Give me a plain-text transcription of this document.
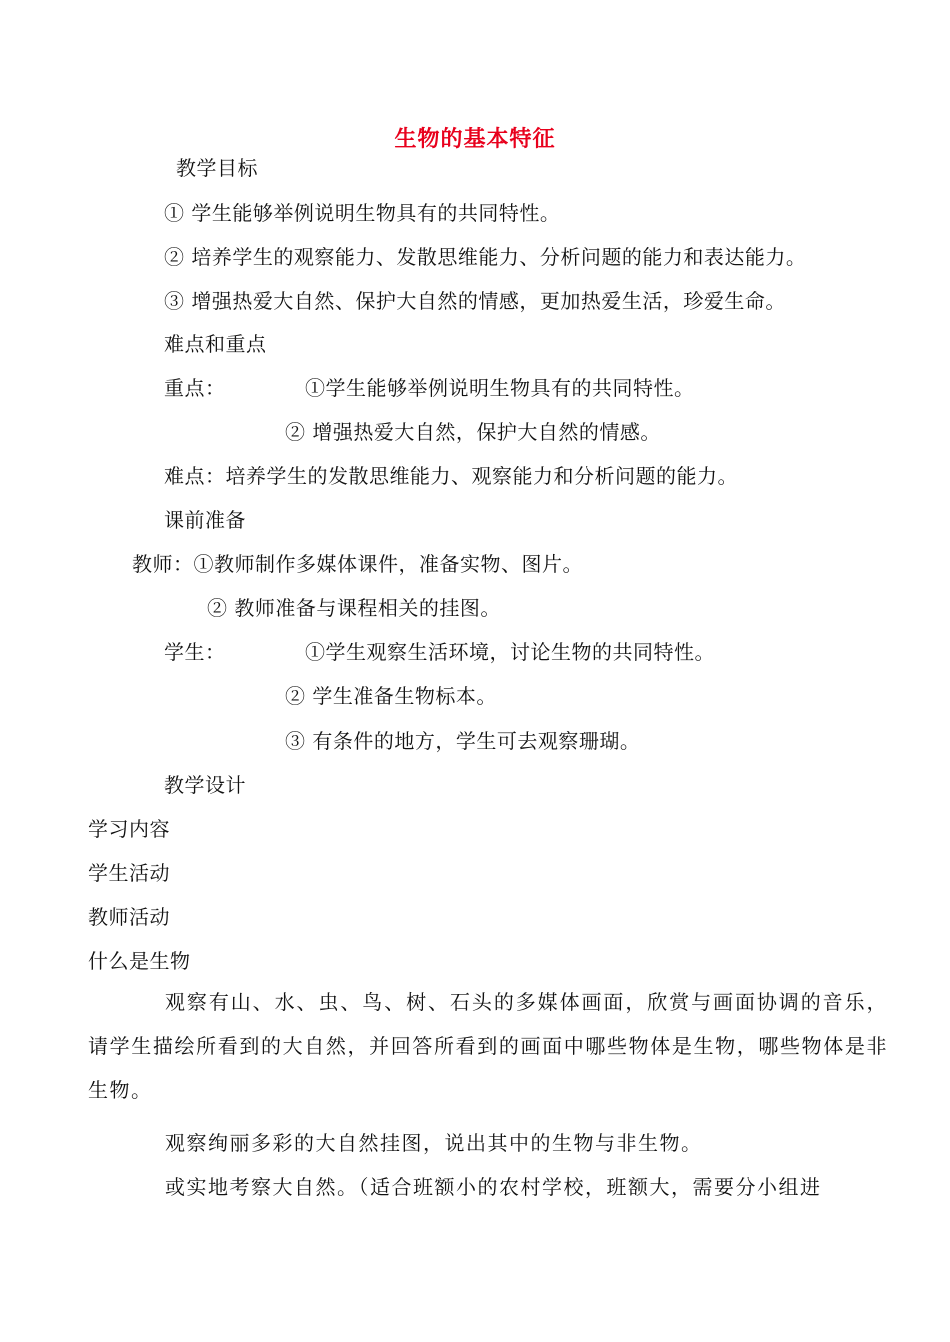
生物的基本特征
教学目标
① 学生能够举例说明生物具有的共同特性。
② 培养学生的观察能力、发散思维能力、分析问题的能力和表达能力。
③ 增强热爱大自然、保护大自然的情感，更加热爱生活，珍爱生命。
难点和重点
重点：	①学生能够举例说明生物具有的共同特性。
② 增强热爱大自然，保护大自然的情感。
难点：培养学生的发散思维能力、观察能力和分析问题的能力。
课前准备
教师：①教师制作多媒体课件，准备实物、图片。
② 教师准备与课程相关的挂图。
学生：	①学生观察生活环境，讨论生物的共同特性。
② 学生准备生物标本。
③ 有条件的地方，学生可去观察珊瑚。
教学设计
学习内容
学生活动
教师活动
什么是生物
观察有山、水、虫、鸟、树、石头的多媒体画面，欣赏与画面协调的音乐，请学生描绘所看到的大自然，并回答所看到的画面中哪些物体是生物，哪些物体是非生物。
观察绚丽多彩的大自然挂图，说出其中的生物与非生物。
或实地考察大自然。（适合班额小的农村学校，班额大，需要分小组进
